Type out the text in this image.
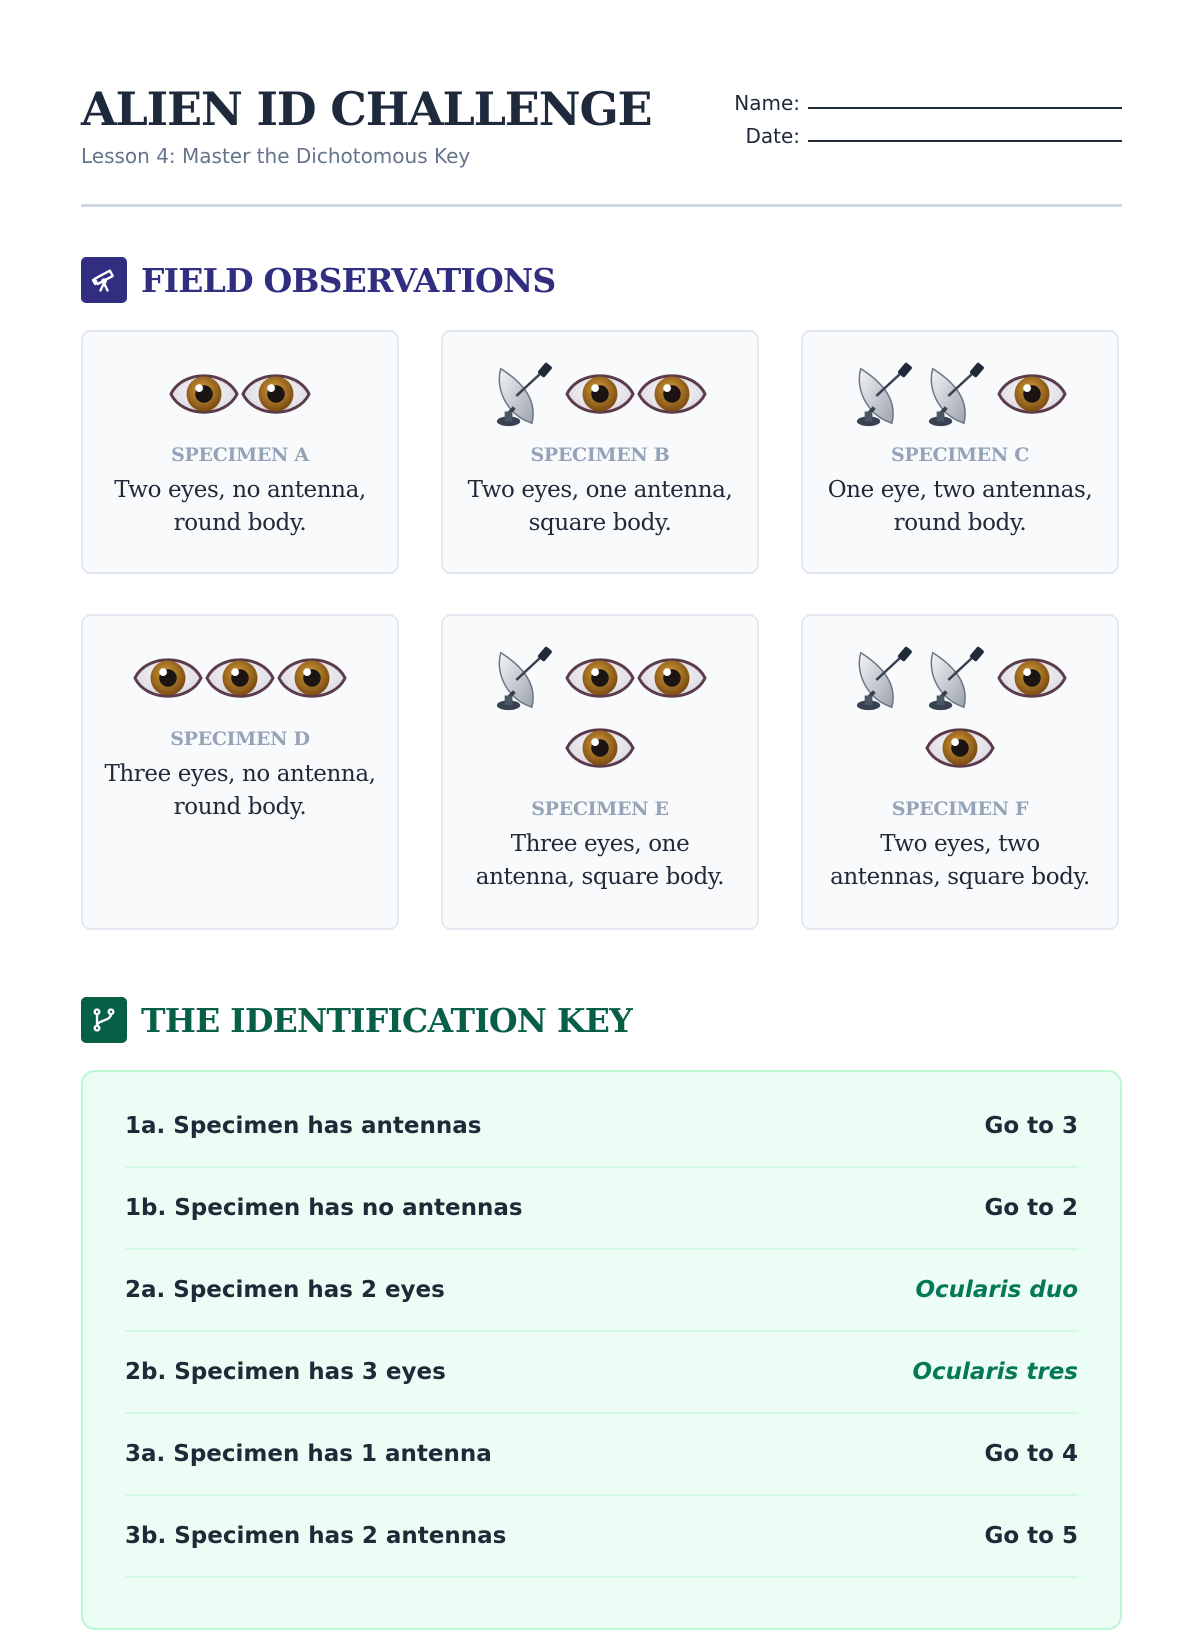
ALIEN ID CHALLENGE
Lesson 4: Master the Dichotomous Key
Name:
Date:
FIELD OBSERVATIONS
SPECIMEN A
Two eyes, no antenna, round body.
SPECIMEN B
Two eyes, one antenna, square body.
SPECIMEN C
One eye, two antennas, round body.
SPECIMEN D
Three eyes, no antenna, round body.	SPECIMEN E
Three eyes, one antenna, square body.
SPECIMEN F
Two eyes, two antennas, square body.
THE IDENTIFICATION KEY
1a. Specimen has antennas	Go to 3
1b. Specimen has no antennas	Go to 2
2a. Specimen has 2 eyes	Ocularis duo
2b. Specimen has 3 eyes	Ocularis tres
3a. Specimen has 1 antenna	Go to 4
3b. Specimen has 2 antennas	Go to 5
